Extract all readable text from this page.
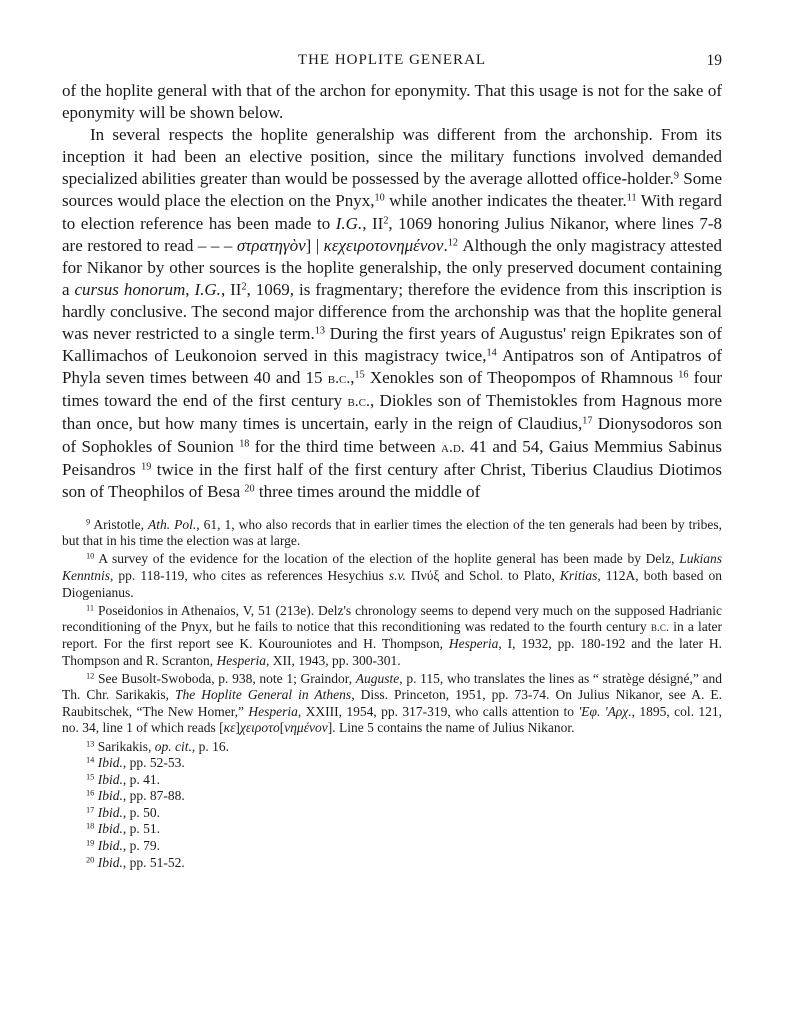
THE HOPLITE GENERAL	19

of the hoplite general with that of the archon for eponymity. That this usage is not for the sake of eponymity will be shown below.

In several respects the hoplite generalship was different from the archonship. From its inception it had been an elective position, since the military functions involved demanded specialized abilities greater than would be possessed by the average allotted office-holder.$^9$ Some sources would place the election on the Pnyx,$^{10}$ while another indicates the theater.$^{11}$ With regard to election reference has been made to I.G., $II^2$, 1069 honoring Julius Nikanor, where lines 7-8 are restored to read – – – στρατηγὸν] | κεχειροτονημένον.$^{12}$ Although the only magistracy attested for Nikanor by other sources is the hoplite generalship, the only preserved document containing a cursus honorum, I.G., $II^2$, 1069, is fragmentary; therefore the evidence from this inscription is hardly conclusive. The second major difference from the archonship was that the hoplite general was never restricted to a single term.$^{13}$ During the first years of Augustus' reign Epikrates son of Kallimachos of Leukonoion served in this magistracy twice,$^{14}$ Antipatros son of Antipatros of Phyla seven times between 40 and 15 b.c.,$^{15}$ Xenokles son of Theopompos of Rhamnous $^{16}$ four times toward the end of the first century b.c., Diokles son of Themistokles from Hagnous more than once, but how many times is uncertain, early in the reign of Claudius,$^{17}$ Dionysodoros son of Sophokles of Sounion $^{18}$ for the third time between a.d. 41 and 54, Gaius Memmius Sabinus Peisandros $^{19}$ twice in the first half of the first century after Christ, Tiberius Claudius Diotimos son of Theophilos of Besa $^{20}$ three times around the middle of

$^9$ Aristotle, Ath. Pol., 61, 1, who also records that in earlier times the election of the ten generals had been by tribes, but that in his time the election was at large.

$^{10}$ A survey of the evidence for the location of the election of the hoplite general has been made by Delz, Lukians Kenntnis, pp. 118-119, who cites as references Hesychius s.v. Πνύξ and Schol. to Plato, Kritias, 112A, both based on Diogenianus.

$^{11}$ Poseidonios in Athenaios, V, 51 (213e). Delz's chronology seems to depend very much on the supposed Hadrianic reconditioning of the Pnyx, but he fails to notice that this reconditioning was redated to the fourth century b.c. in a later report. For the first report see K. Kourouniotes and H. Thompson, Hesperia, I, 1932, pp. 180-192 and the later H. Thompson and R. Scranton, Hesperia, XII, 1943, pp. 300-301.

$^{12}$ See Busolt-Swoboda, p. 938, note 1; Graindor, Auguste, p. 115, who translates the lines as “ stratège désigné,” and Th. Chr. Sarikakis, The Hoplite General in Athens, Diss. Princeton, 1951, pp. 73-74. On Julius Nikanor, see A. E. Raubitschek, “The New Homer,” Hesperia, XXIII, 1954, pp. 317-319, who calls attention to 'Εφ. 'Αρχ., 1895, col. 121, no. 34, line 1 of which reads [κε]χειροτο[νημένον]. Line 5 contains the name of Julius Nikanor.

$^{13}$ Sarikakis, op. cit., p. 16.

$^{14}$ Ibid., pp. 52-53.

$^{15}$ Ibid., p. 41.

$^{16}$ Ibid., pp. 87-88.

$^{17}$ Ibid., p. 50.

$^{18}$ Ibid., p. 51.

$^{19}$ Ibid., p. 79.

$^{20}$ Ibid., pp. 51-52.
